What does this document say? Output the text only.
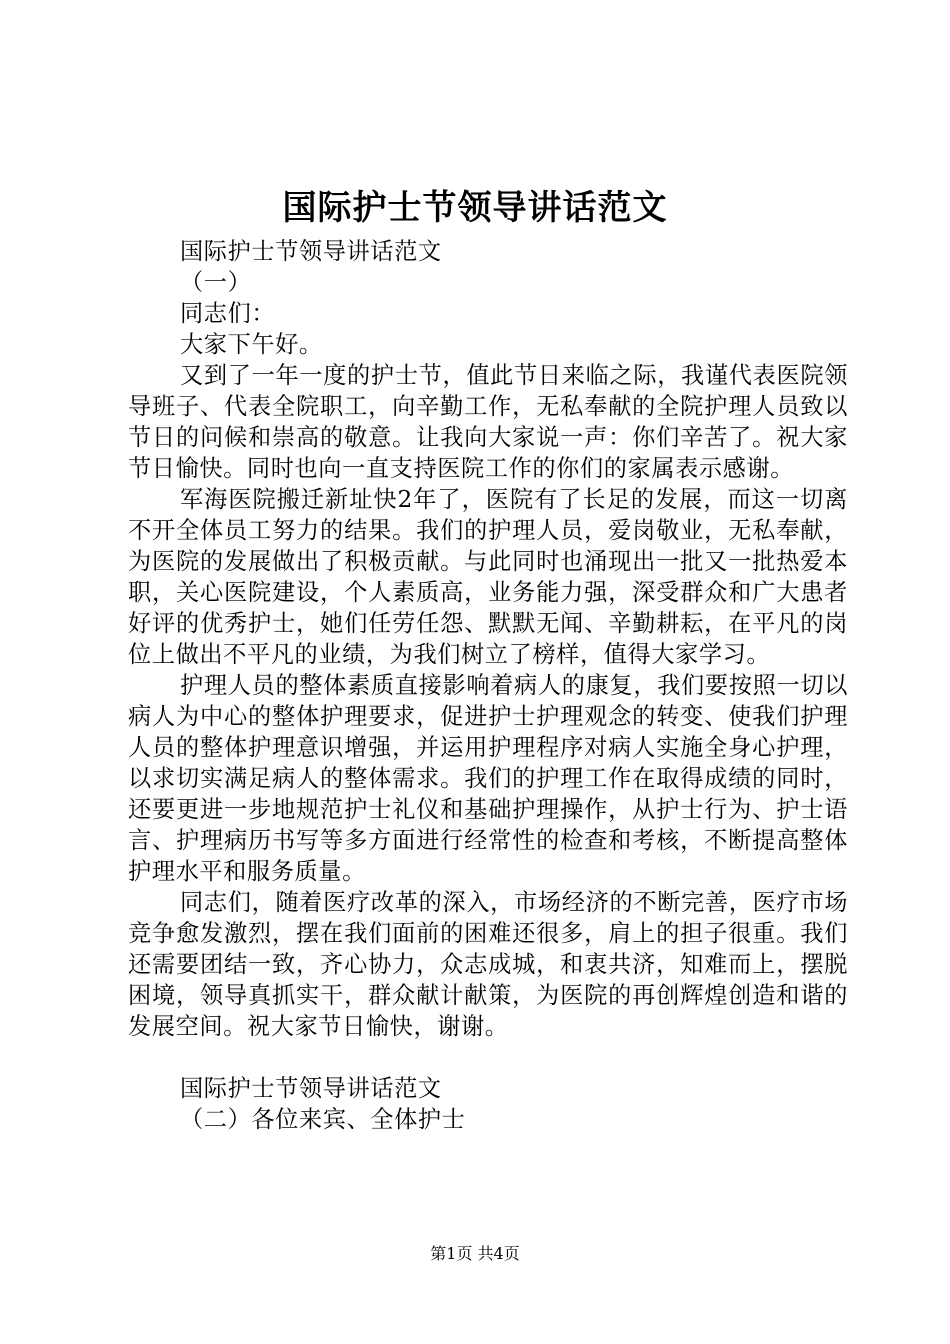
国际护士节领导讲话范文

国际护士节领导讲话范文

（一）

同志们：

大家下午好。

又到了一年一度的护士节，值此节日来临之际，我谨代表医院领导班子、代表全院职工，向辛勤工作，无私奉献的全院护理人员致以节日的问候和崇高的敬意。让我向大家说一声：你们辛苦了。祝大家节日愉快。同时也向一直支持医院工作的你们的家属表示感谢。

军海医院搬迁新址快2年了，医院有了长足的发展，而这一切离不开全体员工努力的结果。我们的护理人员，爱岗敬业，无私奉献，为医院的发展做出了积极贡献。与此同时也涌现出一批又一批热爱本职，关心医院建设，个人素质高，业务能力强，深受群众和广大患者好评的优秀护士，她们任劳任怨、默默无闻、辛勤耕耘，在平凡的岗位上做出不平凡的业绩，为我们树立了榜样，值得大家学习。

护理人员的整体素质直接影响着病人的康复，我们要按照一切以病人为中心的整体护理要求，促进护士护理观念的转变、使我们护理人员的整体护理意识增强，并运用护理程序对病人实施全身心护理，以求切实满足病人的整体需求。我们的护理工作在取得成绩的同时，还要更进一步地规范护士礼仪和基础护理操作，从护士行为、护士语言、护理病历书写等多方面进行经常性的检查和考核，不断提高整体护理水平和服务质量。

同志们，随着医疗改革的深入，市场经济的不断完善，医疗市场竞争愈发激烈，摆在我们面前的困难还很多，肩上的担子很重。我们还需要团结一致，齐心协力，众志成城，和衷共济，知难而上，摆脱困境，领导真抓实干，群众献计献策，为医院的再创辉煌创造和谐的发展空间。祝大家节日愉快，谢谢。

国际护士节领导讲话范文

（二）各位来宾、全体护士

第1页 共4页
